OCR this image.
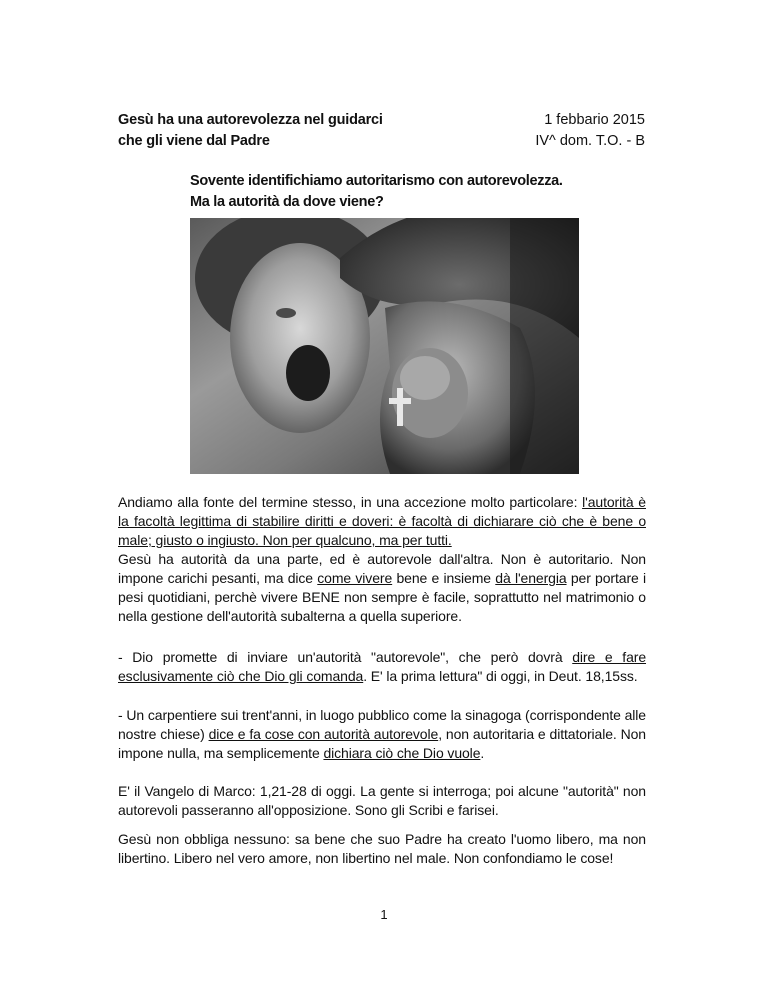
Gesù ha una autorevolezza nel guidarci
che gli viene dal Padre
1 febbario 2015
IV^ dom. T.O. - B
Sovente identifichiamo autoritarismo con autorevolezza.
Ma la autorità da dove viene?

Andiamo alla fonte del termine stesso, in una accezione molto particolare: l'autorità è la facoltà legittima di stabilire diritti e doveri: è facoltà di dichiarare ciò che è bene o male; giusto o ingiusto. Non per qualcuno, ma per tutti.

Gesù ha autorità da una parte, ed è autorevole dall'altra. Non è autoritario. Non impone carichi pesanti, ma dice come vivere bene e insieme dà l'energia per portare i pesi quotidiani, perchè vivere BENE non sempre è facile, soprattutto nel matrimonio o nella gestione dell'autorità subalterna a quella superiore.

- Dio promette di inviare un'autorità "autorevole", che però dovrà dire e fare esclusivamente ciò che Dio gli comanda. E' la prima lettura" di oggi, in Deut. 18,15ss.

- Un carpentiere sui trent'anni, in luogo pubblico come la sinagoga (corrispondente alle nostre chiese) dice e fa cose con autorità autorevole, non autoritaria e dittatoriale. Non impone nulla, ma semplicemente dichiara ciò che Dio vuole.

E' il Vangelo di Marco: 1,21-28 di oggi. La gente si interroga; poi alcune "autorità" non autorevoli passeranno all'opposizione. Sono gli Scribi e farisei.

Gesù non obbliga nessuno: sa bene che suo Padre ha creato l'uomo libero, ma non libertino. Libero nel vero amore, non libertino nel male. Non confondiamo le cose!

1
